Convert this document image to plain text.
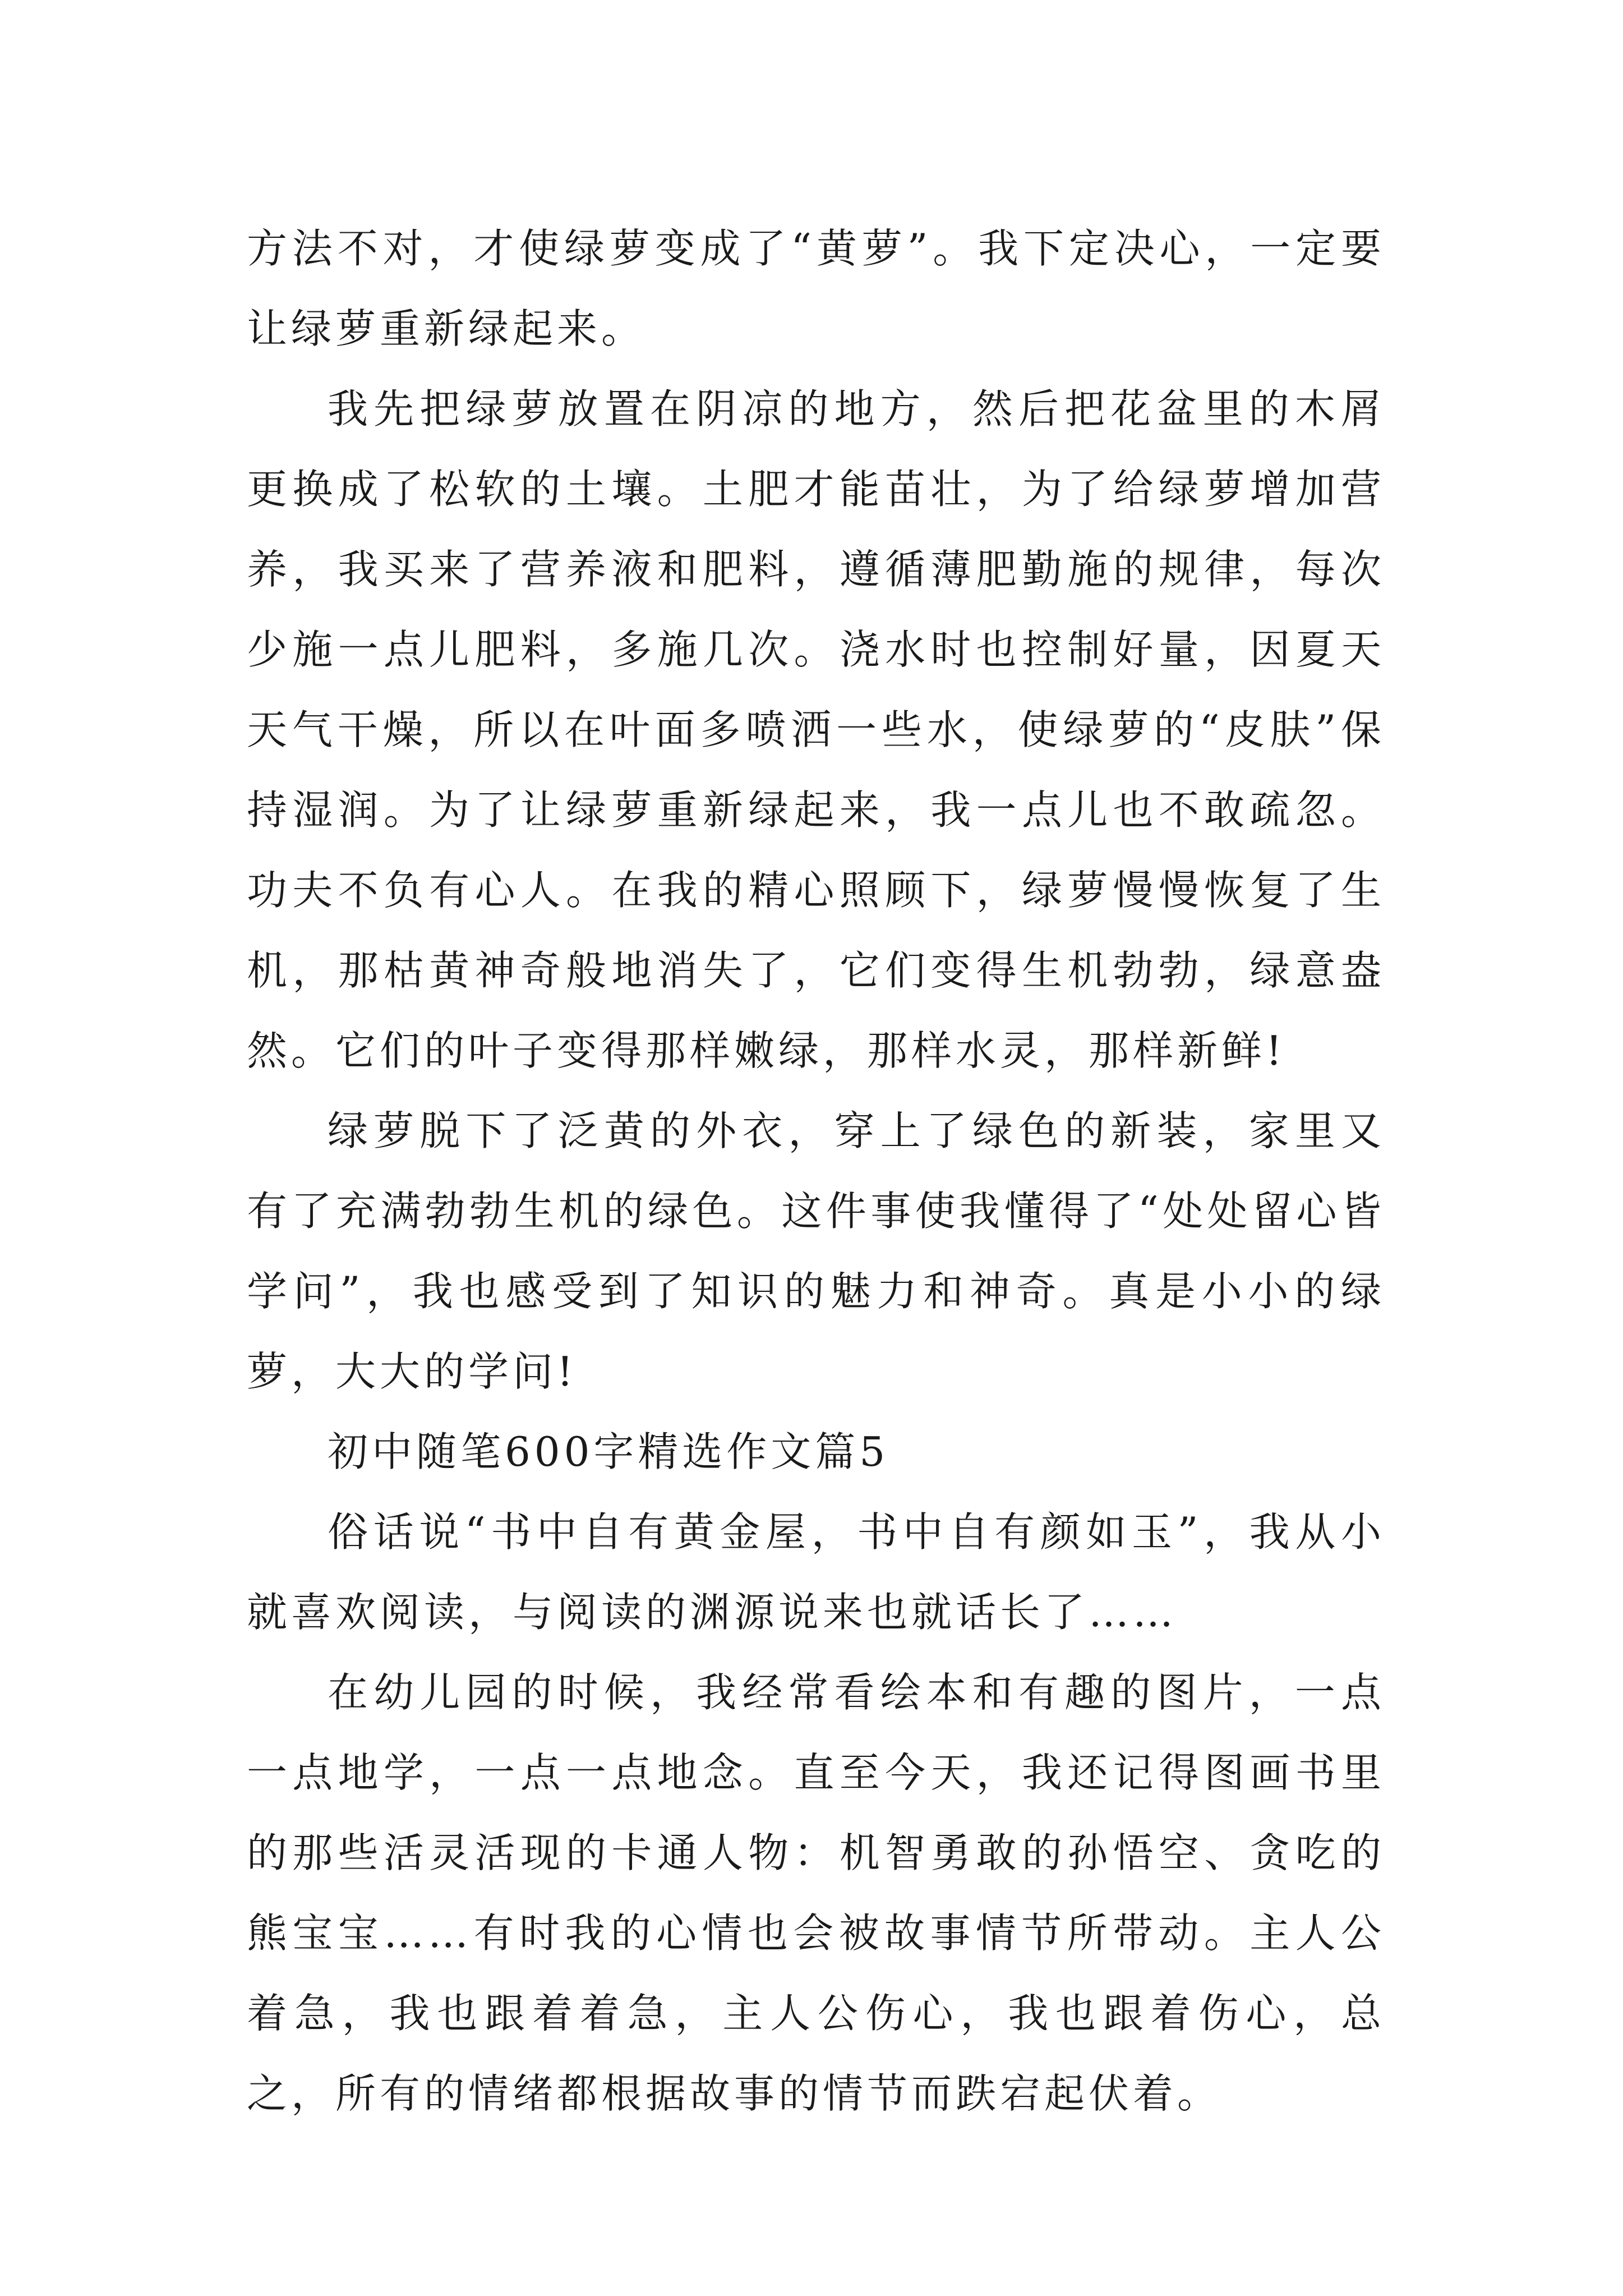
方法不对，才使绿萝变成了“黄萝”。我下定决心，一定要让绿萝重新绿起来。

我先把绿萝放置在阴凉的地方，然后把花盆里的木屑更换成了松软的土壤。土肥才能苗壮，为了给绿萝增加营养，我买来了营养液和肥料，遵循薄肥勤施的规律，每次少施一点儿肥料，多施几次。浇水时也控制好量，因夏天天气干燥，所以在叶面多喷洒一些水，使绿萝的“皮肤”保持湿润。为了让绿萝重新绿起来，我一点儿也不敢疏忽。功夫不负有心人。在我的精心照顾下，绿萝慢慢恢复了生机，那枯黄神奇般地消失了，它们变得生机勃勃，绿意盎然。它们的叶子变得那样嫩绿，那样水灵，那样新鲜!

绿萝脱下了泛黄的外衣，穿上了绿色的新装，家里又有了充满勃勃生机的绿色。这件事使我懂得了“处处留心皆学问”，我也感受到了知识的魅力和神奇。真是小小的绿萝，大大的学问!

初中随笔600字精选作文篇5

俗话说“书中自有黄金屋，书中自有颜如玉”，我从小就喜欢阅读，与阅读的渊源说来也就话长了……

在幼儿园的时候，我经常看绘本和有趣的图片，一点一点地学，一点一点地念。直至今天，我还记得图画书里的那些活灵活现的卡通人物：机智勇敢的孙悟空、贪吃的熊宝宝……有时我的心情也会被故事情节所带动。主人公着急，我也跟着着急，主人公伤心，我也跟着伤心，总之，所有的情绪都根据故事的情节而跌宕起伏着。
